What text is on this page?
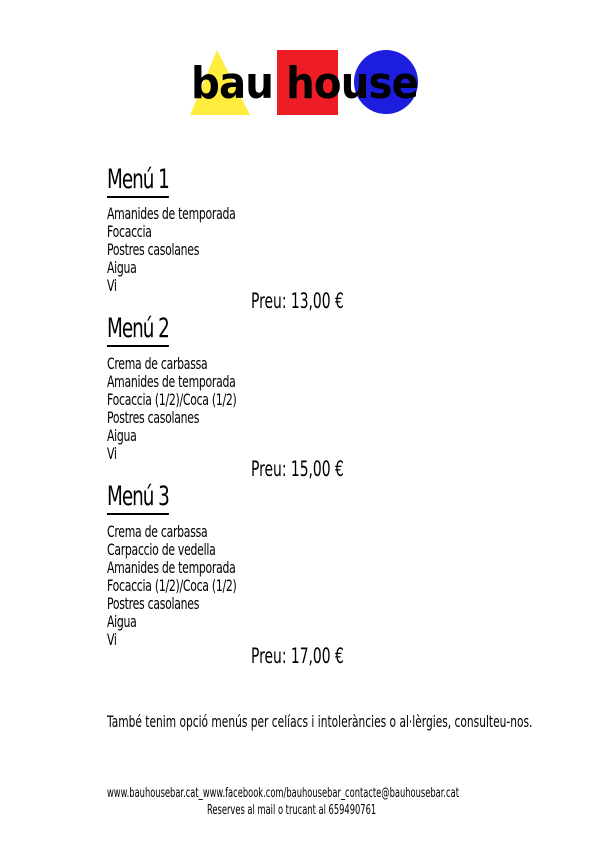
bau house
Menú 1
Amanides de temporada
Focaccia
Postres casolanes
Aigua
Vi
Preu: 13,00 €
Menú 2
Crema de carbassa
Amanides de temporada
Focaccia (1/2)/Coca (1/2)
Postres casolanes
Aigua
Vi
Preu: 15,00 €
Menú 3
Crema de carbassa
Carpaccio de vedella
Amanides de temporada
Focaccia (1/2)/Coca (1/2)
Postres casolanes
Aigua
Vi
Preu: 17,00 €
També tenim opció menús per celíacs i intoleràncies o al·lèrgies, consulteu-nos.
www.bauhousebar.cat_www.facebook.com/bauhousebar_contacte@bauhousebar.cat
Reserves al mail o trucant al 659490761
